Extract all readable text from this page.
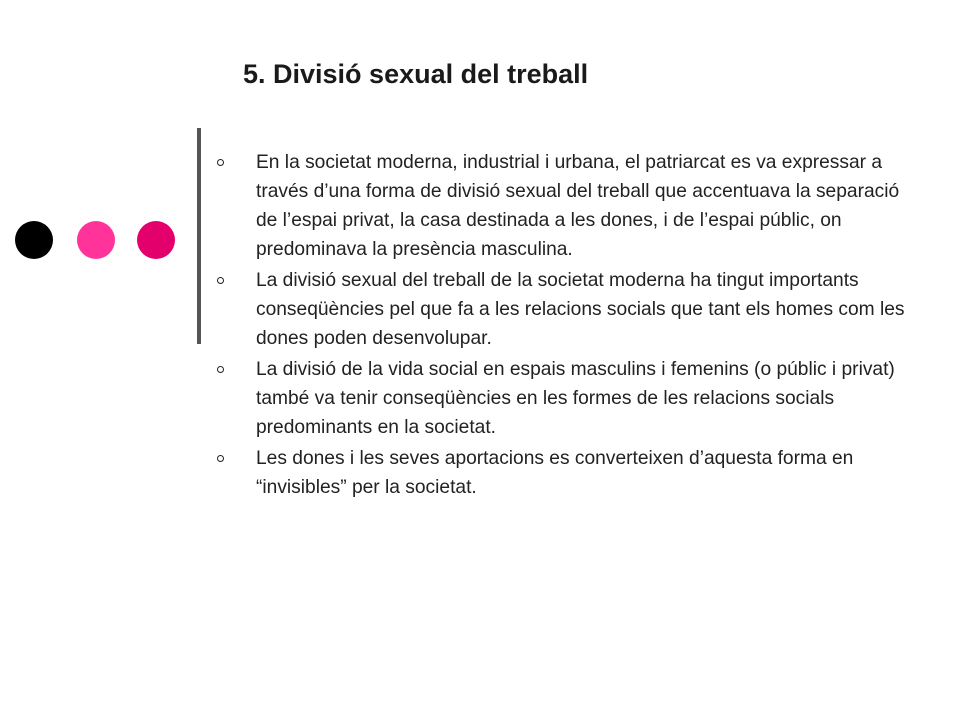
5. Divisió sexual del treball
En la societat moderna, industrial i urbana, el patriarcat es va expressar a través d’una forma de divisió sexual del treball que accentuava la separació de l’espai privat, la casa destinada a les dones, i de l’espai públic, on predominava la presència masculina.
La divisió sexual del treball de la societat moderna ha tingut importants conseqüències pel que fa a les relacions socials que tant els homes com les dones poden desenvolupar.
La divisió de la vida social en espais masculins i femenins (o públic i privat) també va tenir conseqüències en les formes de les relacions socials predominants en la societat.
Les dones i les seves aportacions es converteixen d’aquesta forma en “invisibles” per la societat.
